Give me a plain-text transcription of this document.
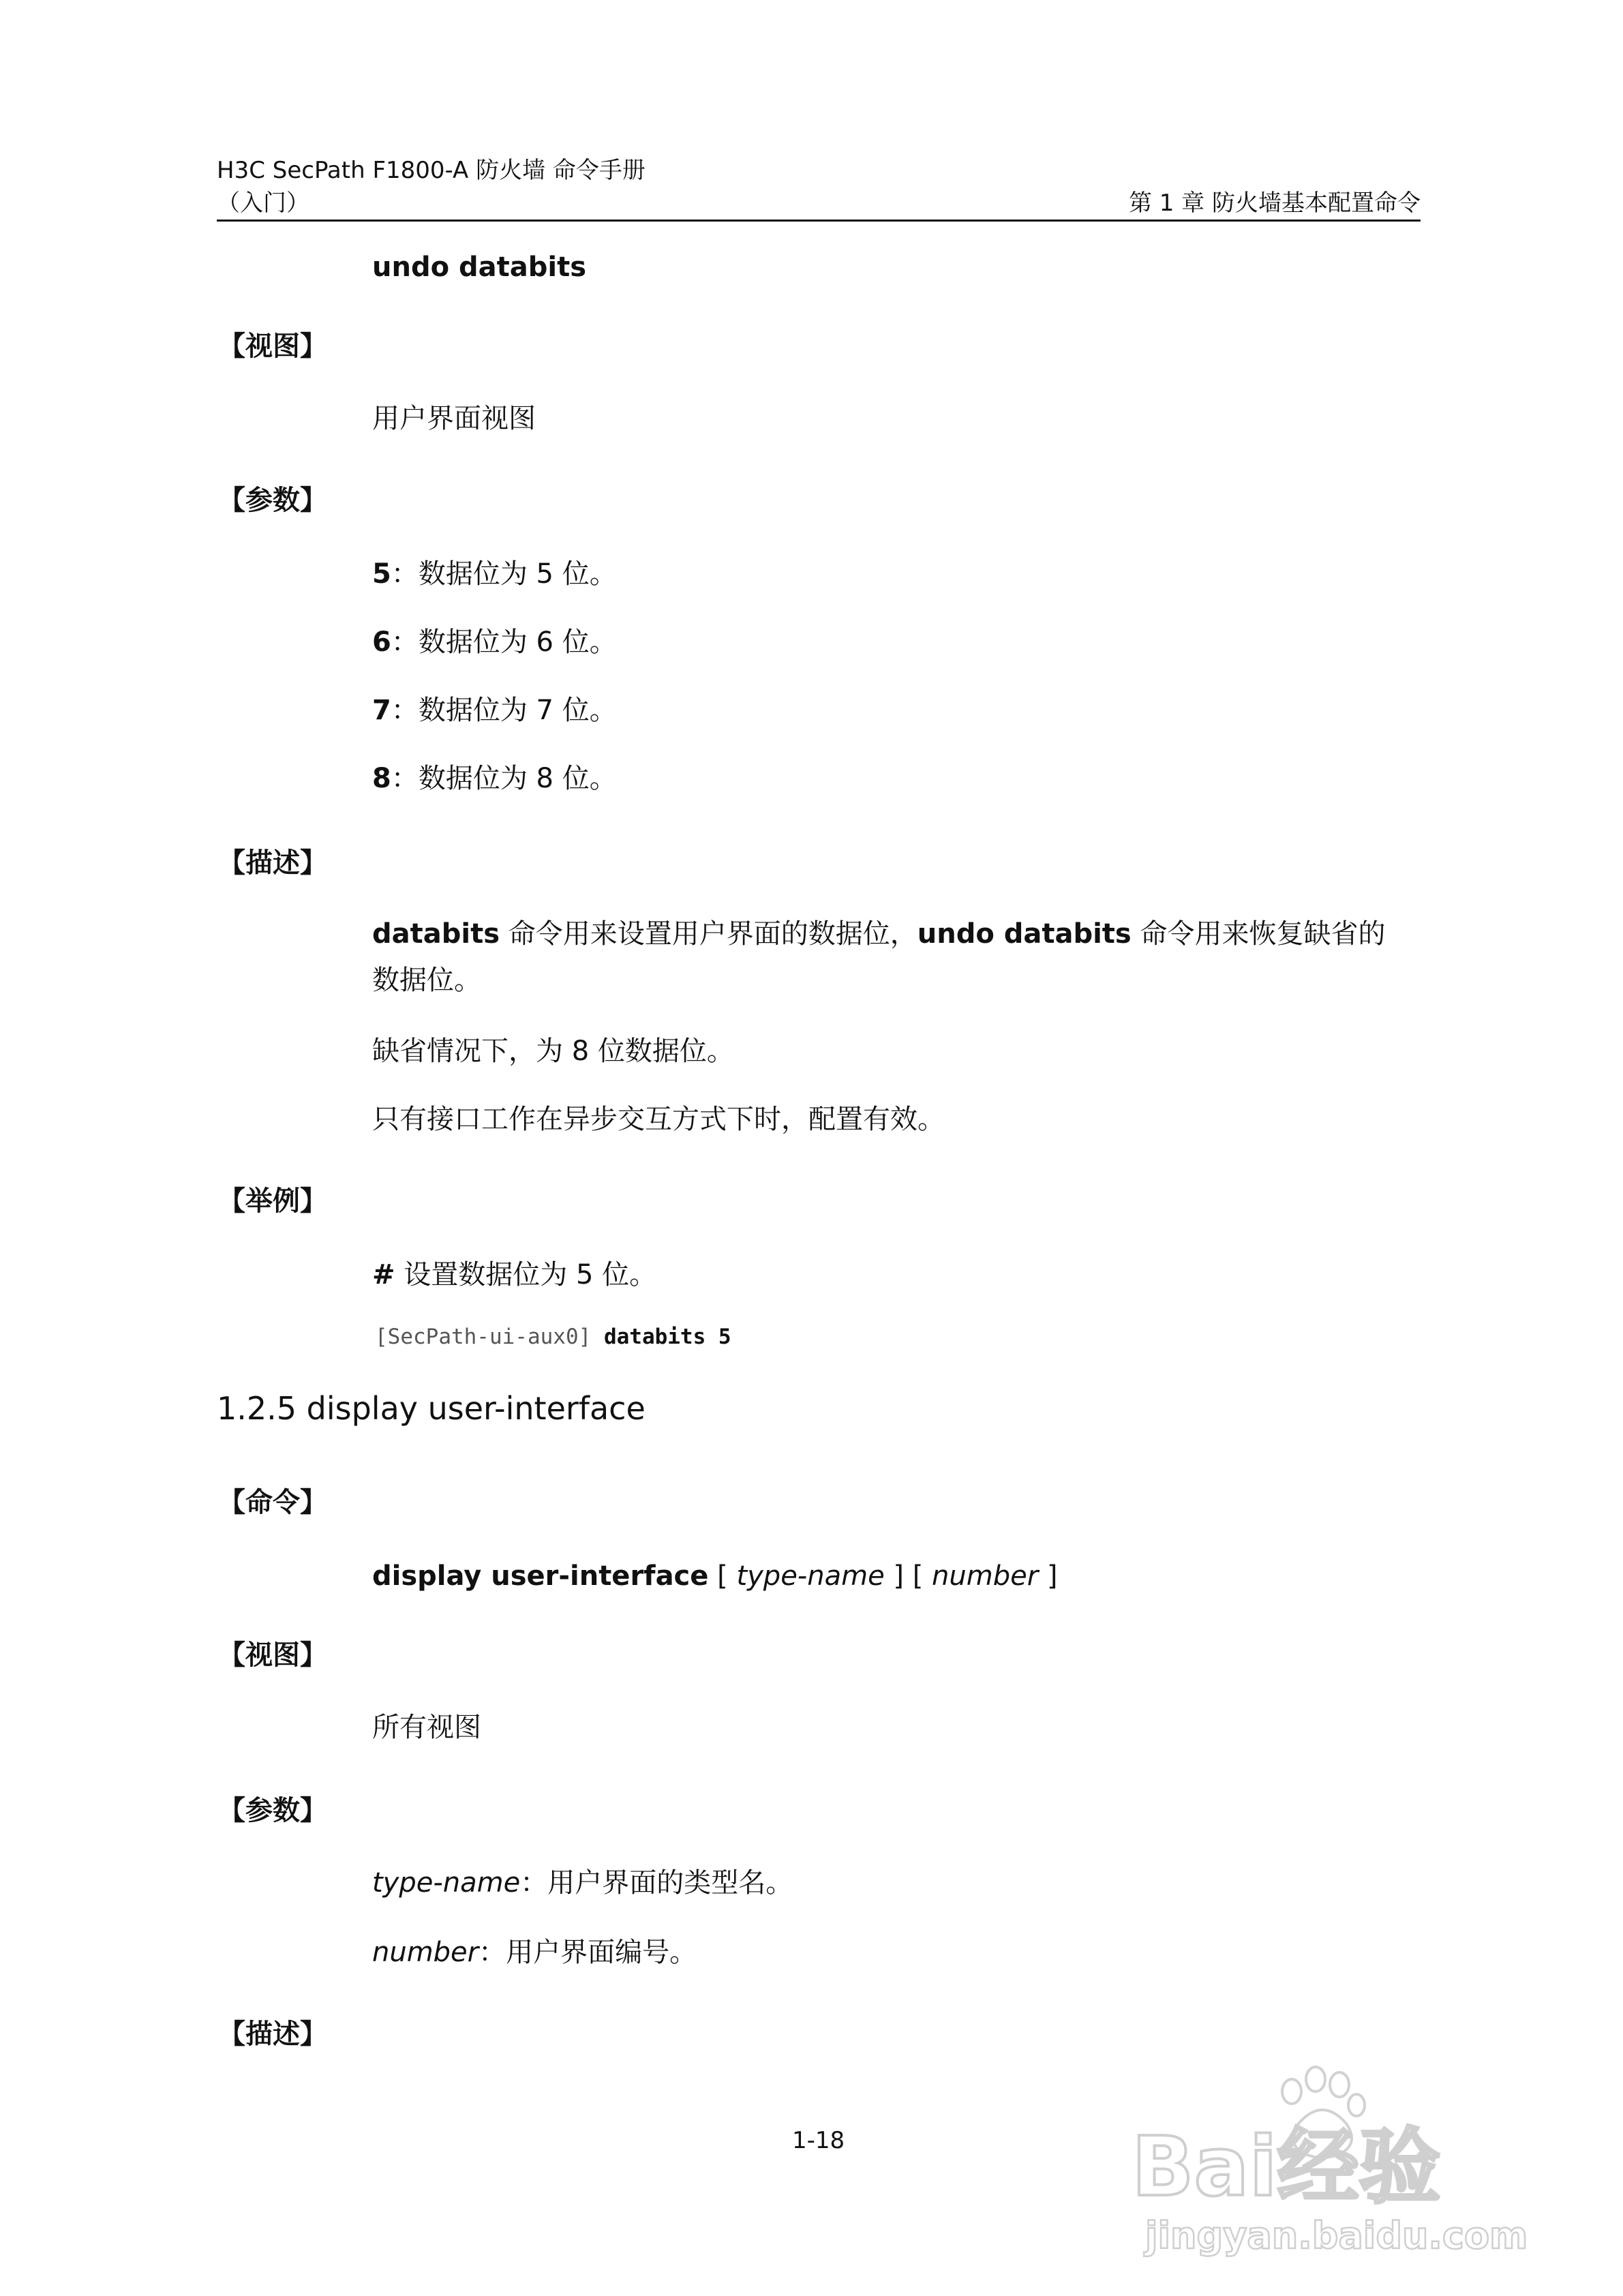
H3C SecPath F1800-A 防火墙 命令手册
（入门）	第 1 章 防火墙基本配置命令
undo databits
【视图】
用户界面视图
【参数】
5：数据位为 5 位。
6：数据位为 6 位。
7：数据位为 7 位。
8：数据位为 8 位。
【描述】
databits 命令用来设置用户界面的数据位，undo databits 命令用来恢复缺省的数据位。
缺省情况下，为 8 位数据位。
只有接口工作在异步交互方式下时，配置有效。
【举例】
# 设置数据位为 5 位。
[SecPath-ui-aux0] databits 5
1.2.5 display user-interface
【命令】
display user-interface [ type-name ] [ number ]
【视图】
所有视图
【参数】
type-name：用户界面的类型名。
number：用户界面编号。
【描述】
1-18	Bai经验
jingyan.baidu.com
